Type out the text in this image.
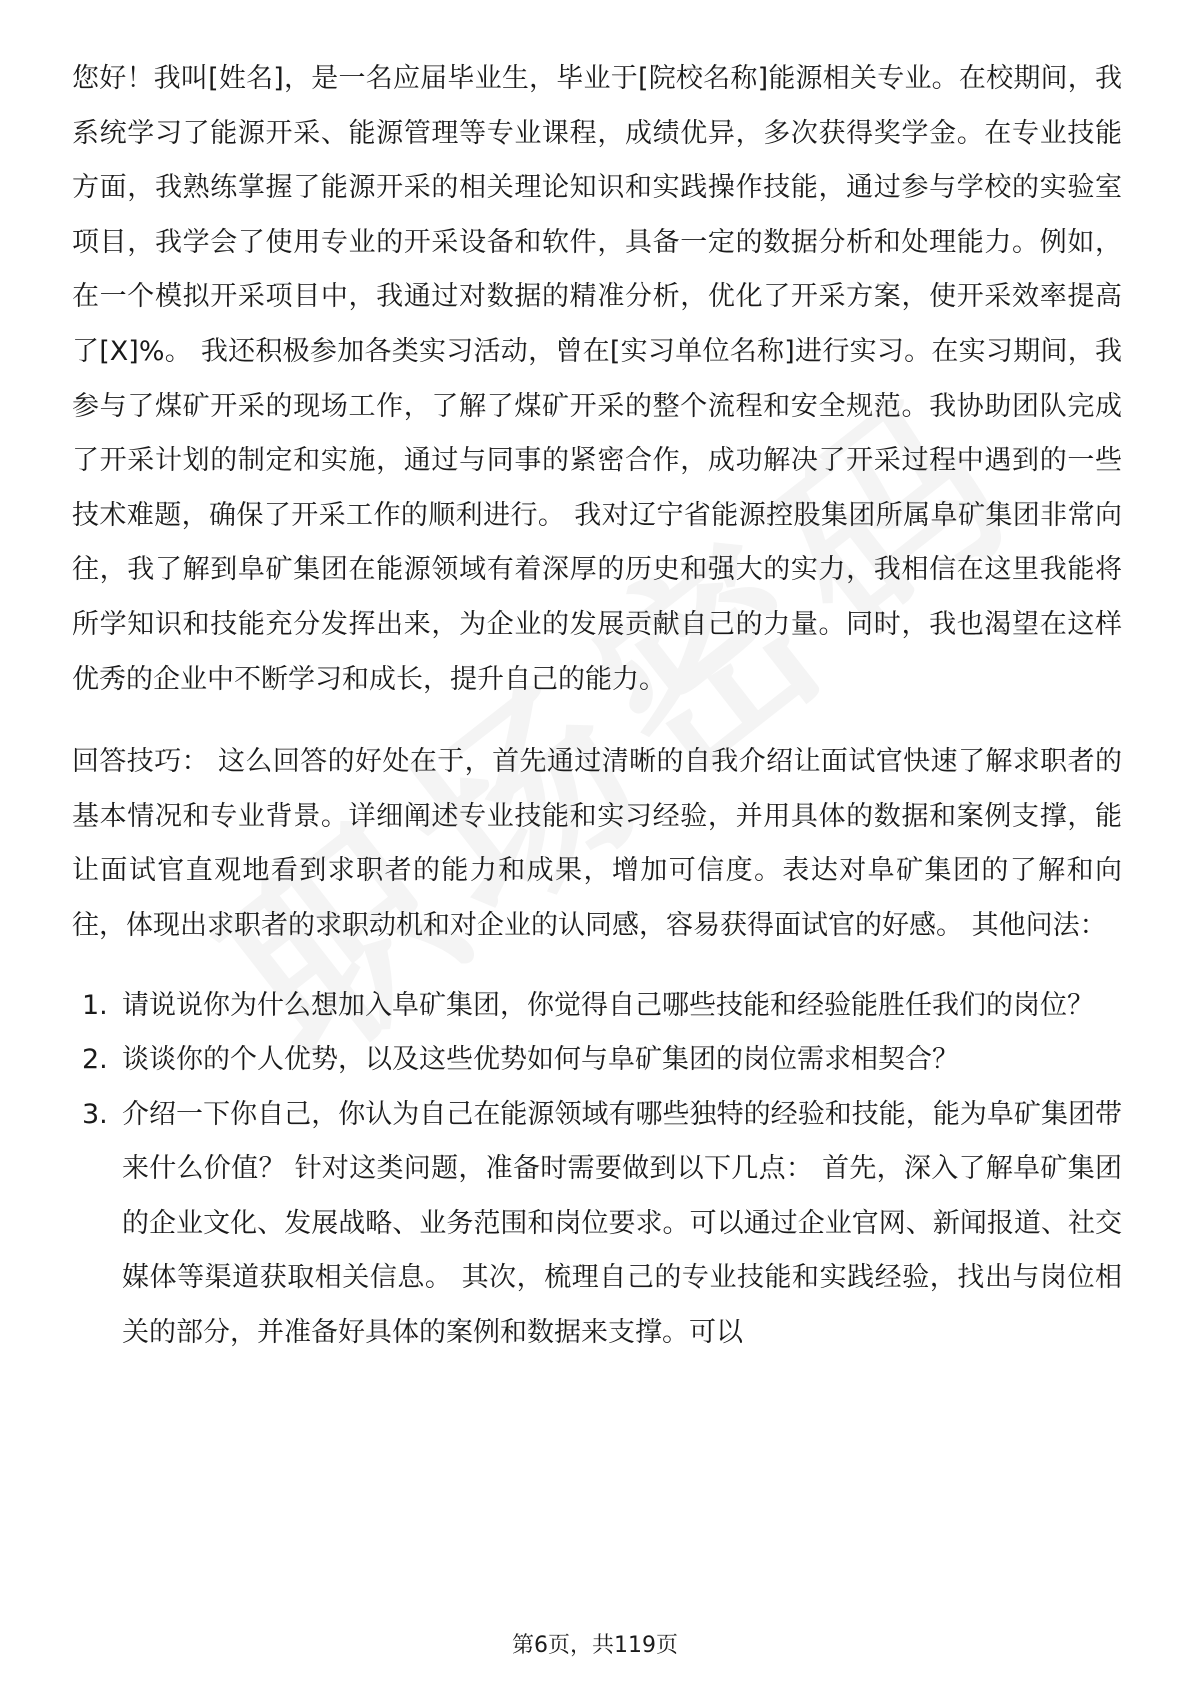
您好！我叫[姓名]，是一名应届毕业生，毕业于[院校名称]能源相关专业。在校期间，我系统学习了能源开采、能源管理等专业课程，成绩优异，多次获得奖学金。在专业技能方面，我熟练掌握了能源开采的相关理论知识和实践操作技能，通过参与学校的实验室项目，我学会了使用专业的开采设备和软件，具备一定的数据分析和处理能力。例如，在一个模拟开采项目中，我通过对数据的精准分析，优化了开采方案，使开采效率提高了[X]%。 我还积极参加各类实习活动，曾在[实习单位名称]进行实习。在实习期间，我参与了煤矿开采的现场工作，了解了煤矿开采的整个流程和安全规范。我协助团队完成了开采计划的制定和实施，通过与同事的紧密合作，成功解决了开采过程中遇到的一些技术难题，确保了开采工作的顺利进行。 我对辽宁省能源控股集团所属阜矿集团非常向往，我了解到阜矿集团在能源领域有着深厚的历史和强大的实力，我相信在这里我能将所学知识和技能充分发挥出来，为企业的发展贡献自己的力量。同时，我也渴望在这样优秀的企业中不断学习和成长，提升自己的能力。

回答技巧： 这么回答的好处在于，首先通过清晰的自我介绍让面试官快速了解求职者的基本情况和专业背景。详细阐述专业技能和实习经验，并用具体的数据和案例支撑，能让面试官直观地看到求职者的能力和成果，增加可信度。表达对阜矿集团的了解和向往，体现出求职者的求职动机和对企业的认同感，容易获得面试官的好感。 其他问法：

1. 请说说你为什么想加入阜矿集团，你觉得自己哪些技能和经验能胜任我们的岗位？
2. 谈谈你的个人优势，以及这些优势如何与阜矿集团的岗位需求相契合？
3. 介绍一下你自己，你认为自己在能源领域有哪些独特的经验和技能，能为阜矿集团带来什么价值？ 针对这类问题，准备时需要做到以下几点： 首先，深入了解阜矿集团的企业文化、发展战略、业务范围和岗位要求。可以通过企业官网、新闻报道、社交媒体等渠道获取相关信息。 其次，梳理自己的专业技能和实践经验，找出与岗位相关的部分，并准备好具体的案例和数据来支撑。可以
第6页，共119页
